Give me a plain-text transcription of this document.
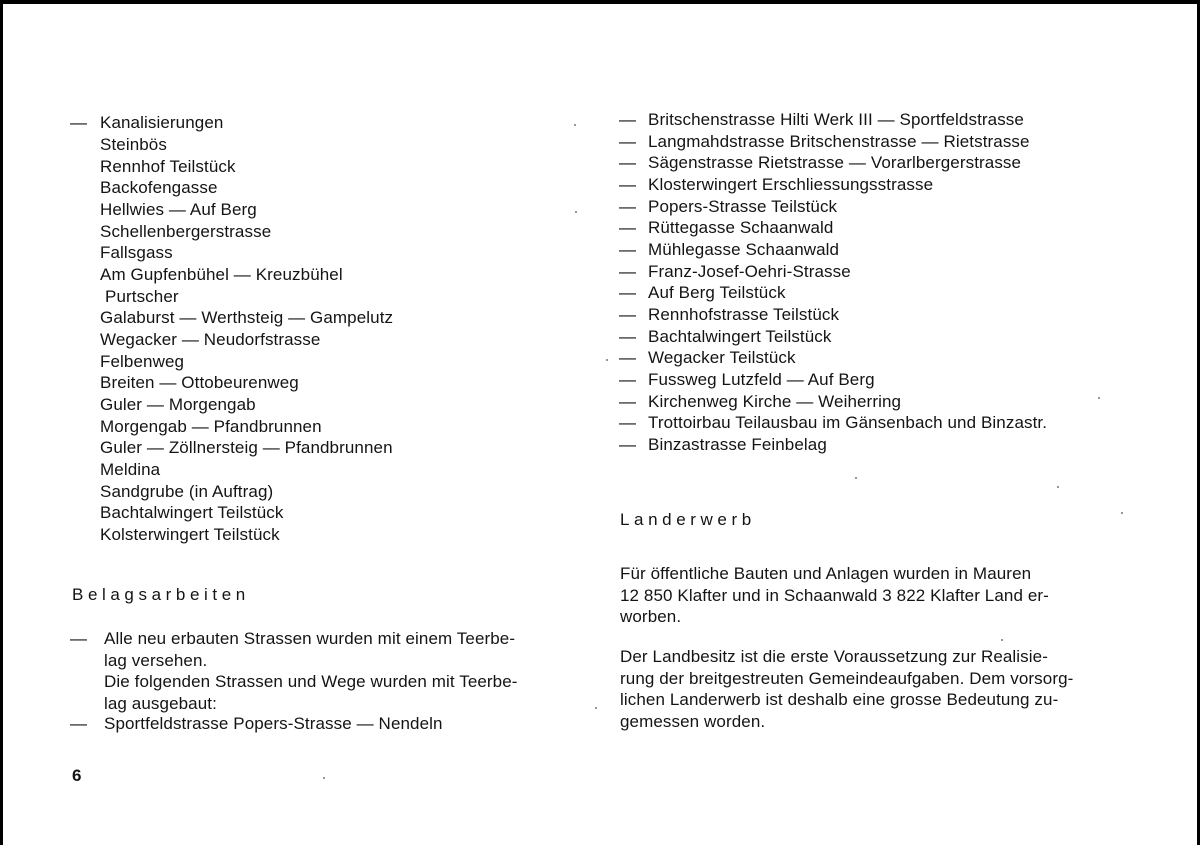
— Kanalisierungen
Steinbös
Rennhof Teilstück
Backofengasse
Hellwies — Auf Berg
Schellenbergerstrasse
Fallsgass
Am Gupfenbühel — Kreuzbühel
Purtscher
Galaburst — Werthsteig — Gampelutz
Wegacker — Neudorfstrasse
Felbenweg
Breiten — Ottobeurenweg
Guler — Morgengab
Morgengab — Pfandbrunnen
Guler — Zöllnersteig — Pfandbrunnen
Meldina
Sandgrube (in Auftrag)
Bachtalwingert Teilstück
Kolsterwingert Teilstück
Belagsarbeiten
— Alle neu erbauten Strassen wurden mit einem Teerbe-
lag versehen.
Die folgenden Strassen und Wege wurden mit Teerbe-
lag ausgebaut:
— Sportfeldstrasse Popers-Strasse — Nendeln
— Britschenstrasse Hilti Werk III — Sportfeldstrasse
— Langmahdstrasse Britschenstrasse — Rietstrasse
— Sägenstrasse Rietstrasse — Vorarlbergerstrasse
— Klosterwingert Erschliessungsstrasse
— Popers-Strasse Teilstück
— Rüttegasse Schaanwald
— Mühlegasse Schaanwald
— Franz-Josef-Oehri-Strasse
— Auf Berg Teilstück
— Rennhofstrasse Teilstück
— Bachtalwingert Teilstück
— Wegacker Teilstück
— Fussweg Lutzfeld — Auf Berg
— Kirchenweg Kirche — Weiherring
— Trottoirbau Teilausbau im Gänsenbach und Binzastr.
— Binzastrasse Feinbelag
Landerwerb
Für öffentliche Bauten und Anlagen wurden in Mauren
12 850 Klafter und in Schaanwald 3 822 Klafter Land er-
worben.
Der Landbesitz ist die erste Voraussetzung zur Realisie-
rung der breitgestreuten Gemeindeaufgaben. Dem vorsorg-
lichen Landerwerb ist deshalb eine grosse Bedeutung zu-
gemessen worden.
6
